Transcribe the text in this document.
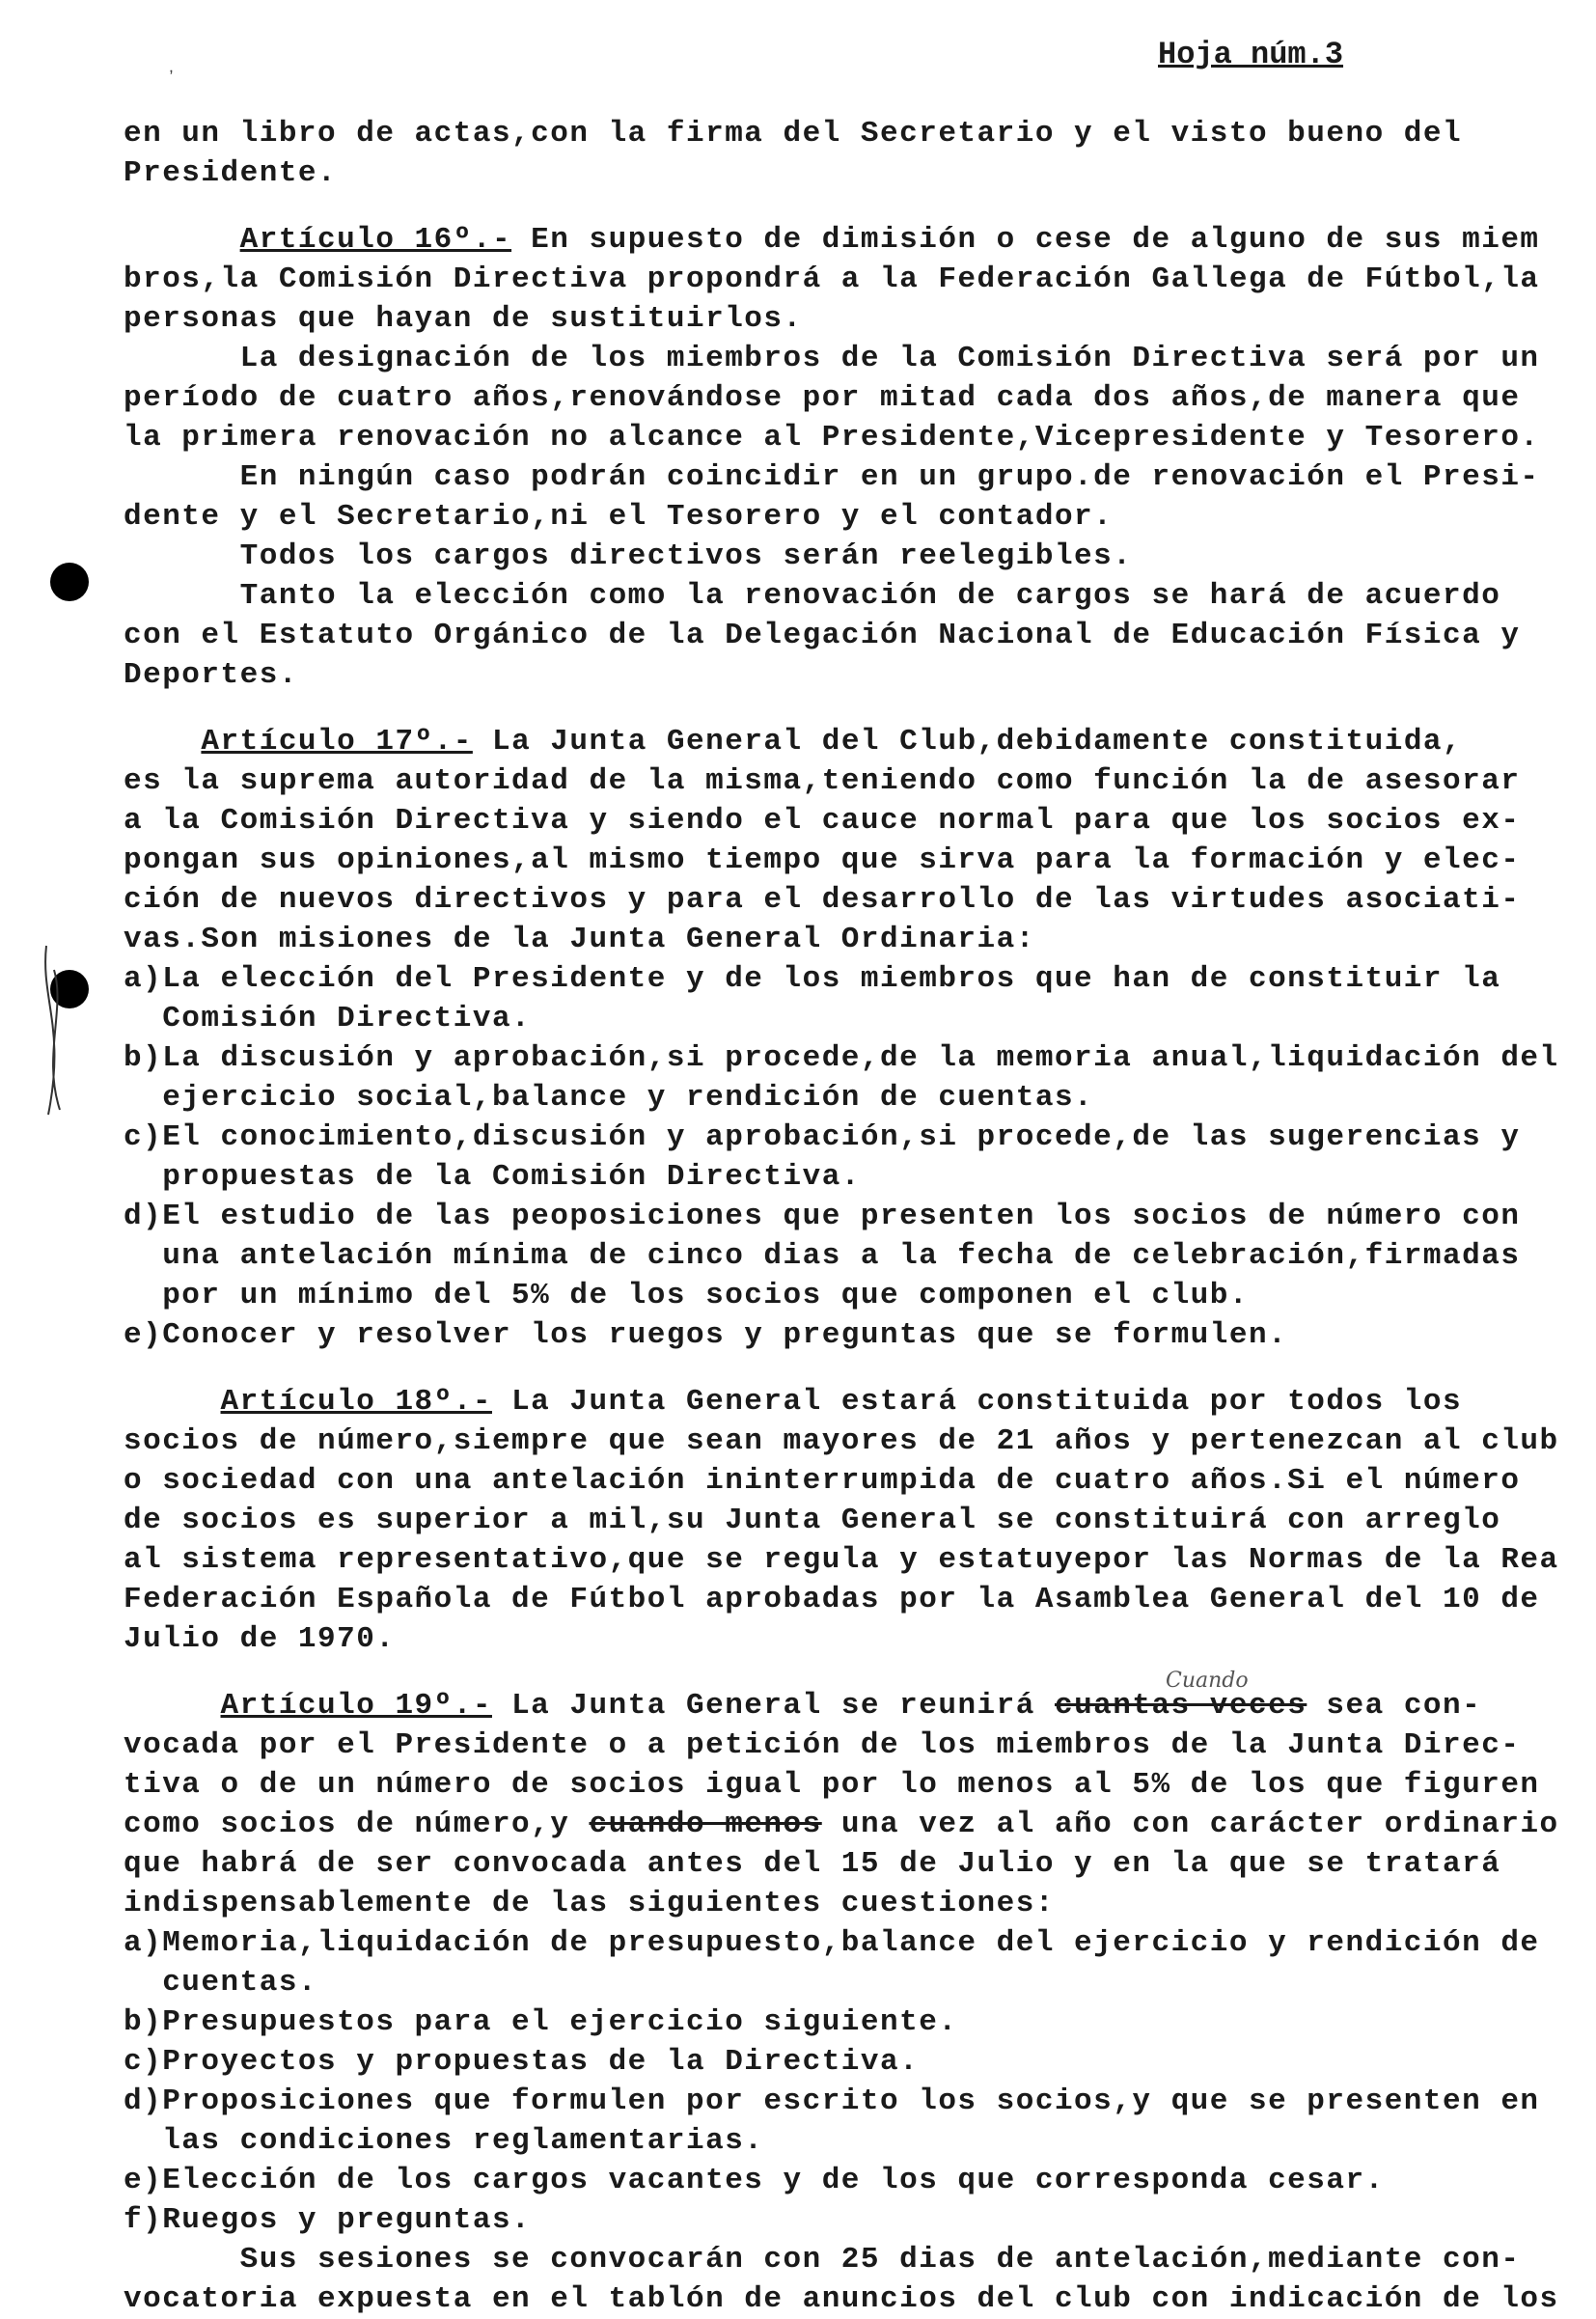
Hoja núm.3
ʼ
en un libro de actas,con la firma del Secretario y el visto bueno del
Presidente.
Artículo 16º.- En supuesto de dimisión o cese de alguno de sus miem
bros,la Comisión Directiva propondrá a la Federación Gallega de Fútbol,la
personas que hayan de sustituirlos.
La designación de los miembros de la Comisión Directiva será por un
período de cuatro años,renovándose por mitad cada dos años,de manera que
la primera renovación no alcance al Presidente,Vicepresidente y Tesorero.
En ningún caso podrán coincidir en un grupo.de renovación el Presi-
dente y el Secretario,ni el Tesorero y el contador.
Todos los cargos directivos serán reelegibles.
Tanto la elección como la renovación de cargos se hará de acuerdo
con el Estatuto Orgánico de la Delegación Nacional de Educación Física y
Deportes.
Artículo 17º.- La Junta General del Club,debidamente constituida,
es la suprema autoridad de la misma,teniendo como función la de asesorar
a la Comisión Directiva y siendo el cauce normal para que los socios ex-
pongan sus opiniones,al mismo tiempo que sirva para la formación y elec-
ción de nuevos directivos y para el desarrollo de las virtudes asociati-
vas.Son misiones de la Junta General Ordinaria:
a)La elección del Presidente y de los miembros que han de constituir la
Comisión Directiva.
b)La discusión y aprobación,si procede,de la memoria anual,liquidación del
ejercicio social,balance y rendición de cuentas.
c)El conocimiento,discusión y aprobación,si procede,de las sugerencias y
propuestas de la Comisión Directiva.
d)El estudio de las peoposiciones que presenten los socios de número con
una antelación mínima de cinco dias a la fecha de celebración,firmadas
por un mínimo del 5% de los socios que componen el club.
e)Conocer y resolver los ruegos y preguntas que se formulen.
Artículo 18º.- La Junta General estará constituida por todos los
socios de número,siempre que sean mayores de 21 años y pertenezcan al club
o sociedad con una antelación ininterrumpida de cuatro años.Si el número
de socios es superior a mil,su Junta General se constituirá con arreglo
al sistema representativo,que se regula y estatuyepor las Normas de la Rea
Federación Española de Fútbol aprobadas por la Asamblea General del 10 de
Julio de 1970.
Artículo 19º.- La Junta General se reunirá cuantas veces sea con-
Cuando
vocada por el Presidente o a petición de los miembros de la Junta Direc-
tiva o de un número de socios igual por lo menos al 5% de los que figuren
como socios de número,y cuando menos una vez al año con carácter ordinario
que habrá de ser convocada antes del 15 de Julio y en la que se tratará
indispensablemente de las siguientes cuestiones:
a)Memoria,liquidación de presupuesto,balance del ejercicio y rendición de
cuentas.
b)Presupuestos para el ejercicio siguiente.
c)Proyectos y propuestas de la Directiva.
d)Proposiciones que formulen por escrito los socios,y que se presenten en
las condiciones reglamentarias.
e)Elección de los cargos vacantes y de los que corresponda cesar.
f)Ruegos y preguntas.
Sus sesiones se convocarán con 25 dias de antelación,mediante con-
vocatoria expuesta en el tablón de anuncios del club con indicación de los
